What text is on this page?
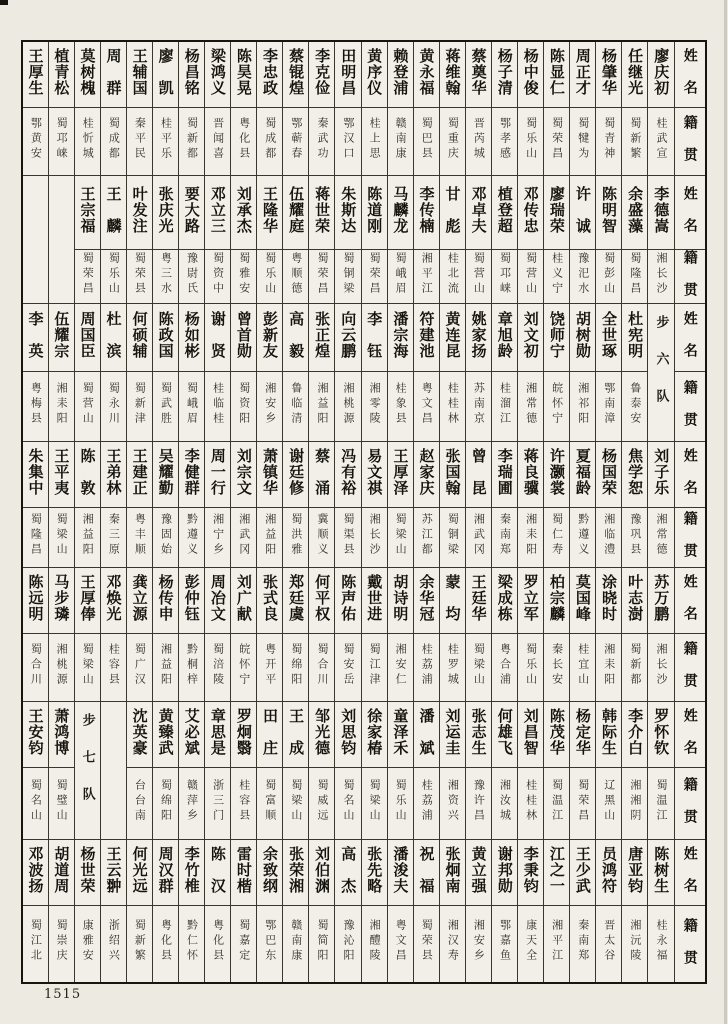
王厚生	植青松	莫树槐	周　群	王辅国	廖　凯	杨昌铭	梁鸿义	陈昊晃	李忠政	蔡锟煌	李克俭	田明昌	黄序仪	赖登浦	黄永福	蒋维翰	蔡奠华	杨子清	杨中俊	陈显仁	周正才	杨肇华	任继光	廖庆初	姓　名
鄂黄安	蜀邛崃	桂忻城	蜀成都	秦平民	桂平乐	蜀新都	晋闻喜	粤化县	蜀成都	鄂蕲春	秦武功	鄂汉口	桂上思	赣南康	蜀巴县	蜀重庆	晋芮城	鄂孝感	蜀乐山	蜀荣昌	蜀犍为	蜀青神	蜀新繁	桂武宣	籍　贯
		王宗福	王　麟	叶发注	张庆光	要大路	邓立三	刘承杰	王隆华	伍耀庭	蒋世荣	朱斯达	陈道刚	马麟龙	李传楠	甘　彪	邓卓夫	植登超	邓传忠	廖瑞荣	许　诚	陈明智	余盛藻	李德嵩	姓　名
		蜀荣昌	蜀乐山	蜀荣县	粤三水	豫尉氏	蜀资中	蜀雅安	蜀乐山	粤顺德	蜀荣昌	蜀铜梁	蜀荣昌	蜀峨眉	湘平江	桂北流	蜀营山	蜀邛崃	蜀营山	桂义宁	豫汜水	蜀彭山	蜀隆昌	湘长沙	籍　贯
李　英	伍耀宗	周国臣	杜　滨	何硕辅	陈政国	杨如彬	谢　贤	曾首勋	彭新友	高　毅	张正煌	向云鹏	李　钰	潘宗海	符建池	黄连昆	姚家扬	章旭龄	刘文初	饶师宁	胡树勋	全世琢	杜宪明	步六队	姓　名
粤梅县	湘耒阳	蜀营山	蜀永川	蜀新津	蜀武胜	蜀峨眉	桂临桂	蜀资阳	湘安乡	鲁临清	湘益阳	湘桃源	湘零陵	桂象县	粤文昌	桂桂林	苏南京	桂溜江	湘常德	皖怀宁	湘祁阳	鄂南漳	鲁泰安		籍　贯
朱集中	王平夷	陈　敦	王弟林	王建正	吴耀勤	李健群	周一行	刘宗文	萧镇华	谢廷修	蔡　涌	冯有裕	易文祺	王厚泽	赵家庆	张国翰	曾　昆	李瑞圃	蒋良骥	许灏裳	夏福龄	杨国荣	焦学恕	刘子乐	姓　名
蜀隆昌	蜀梁山	湘益阳	秦三原	粤丰顺	豫固始	黔遵义	湘宁乡	湘武冈	湘益阳	蜀洪雅	冀顺义	蜀渠县	湘长沙	蜀梁山	苏江都	蜀铜梁	湘武冈	秦南郑	湘耒阳	蜀仁寿	黔遵义	湘临澧	豫巩县	湘常德	籍　贯
陈远明	马步璘	王厚俸	邓焕光	龚立源	杨传申	彭仲钰	周冶文	刘广献	张式良	郑廷虞	何平权	陈声佑	戴世进	胡诗明	余华冠	蒙　均	王廷华	梁成栋	罗立军	柏宗麟	莫国峰	涂晓时	叶志澍	苏万鹏	姓　名
蜀合川	湘桃源	蜀梁山	桂容县	蜀广汉	湘益阳	黔桐梓	蜀涪陵	皖怀宁	粤开平	蜀绵阳	蜀合川	蜀安岳	蜀江津	湘安仁	桂荔浦	桂罗城	蜀梁山	粤合浦	蜀乐山	秦长安	桂宜山	湘耒阳	蜀新都	湘长沙	籍　贯
王安钧	萧鸿博	步七队		沈英豪	黄臻武	艾必斌	章思是	罗炯翳	田　庄	王　成	邹光德	刘思钧	徐家椿	童泽禾	潘　斌	刘运圭	张志生	何雄飞	刘昌智	陈茂华	杨定华	韩际生	李介白	罗怀钦	姓　名
蜀名山	蜀璧山			台台南	蜀绵阳	赣萍乡	浙三门	桂容县	蜀富顺	蜀梁山	蜀威远	蜀名山	蜀梁山	蜀乐山	桂荔浦	湘资兴	豫许昌	湘汝城	桂桂林	蜀温江	蜀荣昌	辽黑山	湘湘阴	蜀温江	籍　贯
邓波扬	胡道周	杨世荣	王云翀	何光远	周汉群	李竹椎	陈　汉	雷时楷	余致纲	张荣湘	刘伯渊	高　杰	张先略	潘浚夫	祝　福	张炯南	黄立强	谢邦勋	李秉钧	江之一	王少武	员鸿符	唐亚钧	陈树生	姓　名
蜀江北	蜀崇庆	康雅安	浙绍兴	蜀新繁	粤化县	黔仁怀	粤化县	蜀嘉定	鄂巴东	赣南康	蜀简阳	豫沁阳	湘醴陵	粤文昌	蜀荣县	湘汉寿	湘安乡	鄂嘉鱼	康天全	湘平江	秦南郑	晋太谷	湘沅陵	桂永福	籍　贯
1515
